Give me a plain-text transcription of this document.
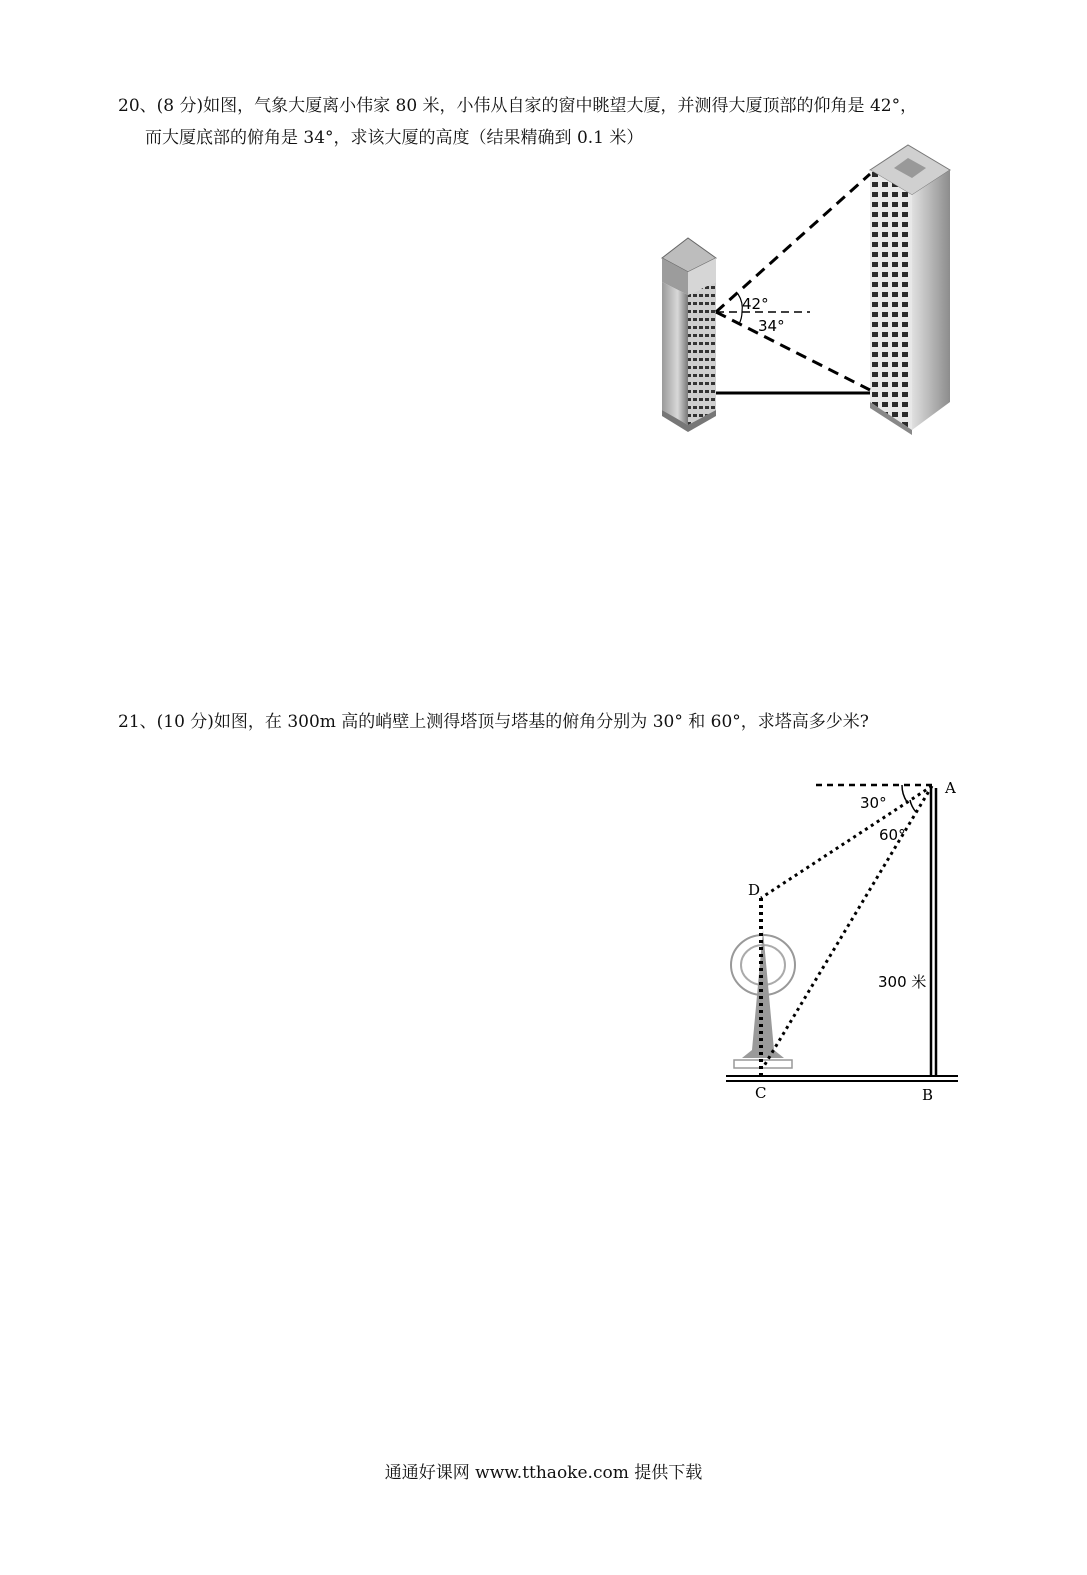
20、(8 分)如图，气象大厦离小伟家 80 米，小伟从自家的窗中眺望大厦，并测得大厦顶部的仰角是 42°，
而大厦底部的俯角是 34°，求该大厦的高度（结果精确到 0.1 米）
42°
34°
21、(10 分)如图，在 300m 高的峭壁上测得塔顶与塔基的俯角分别为 30° 和 60°，求塔高多少米?
A
B
C
D
30°
60°
300 米
通通好课网 www.tthaoke.com 提供下载
